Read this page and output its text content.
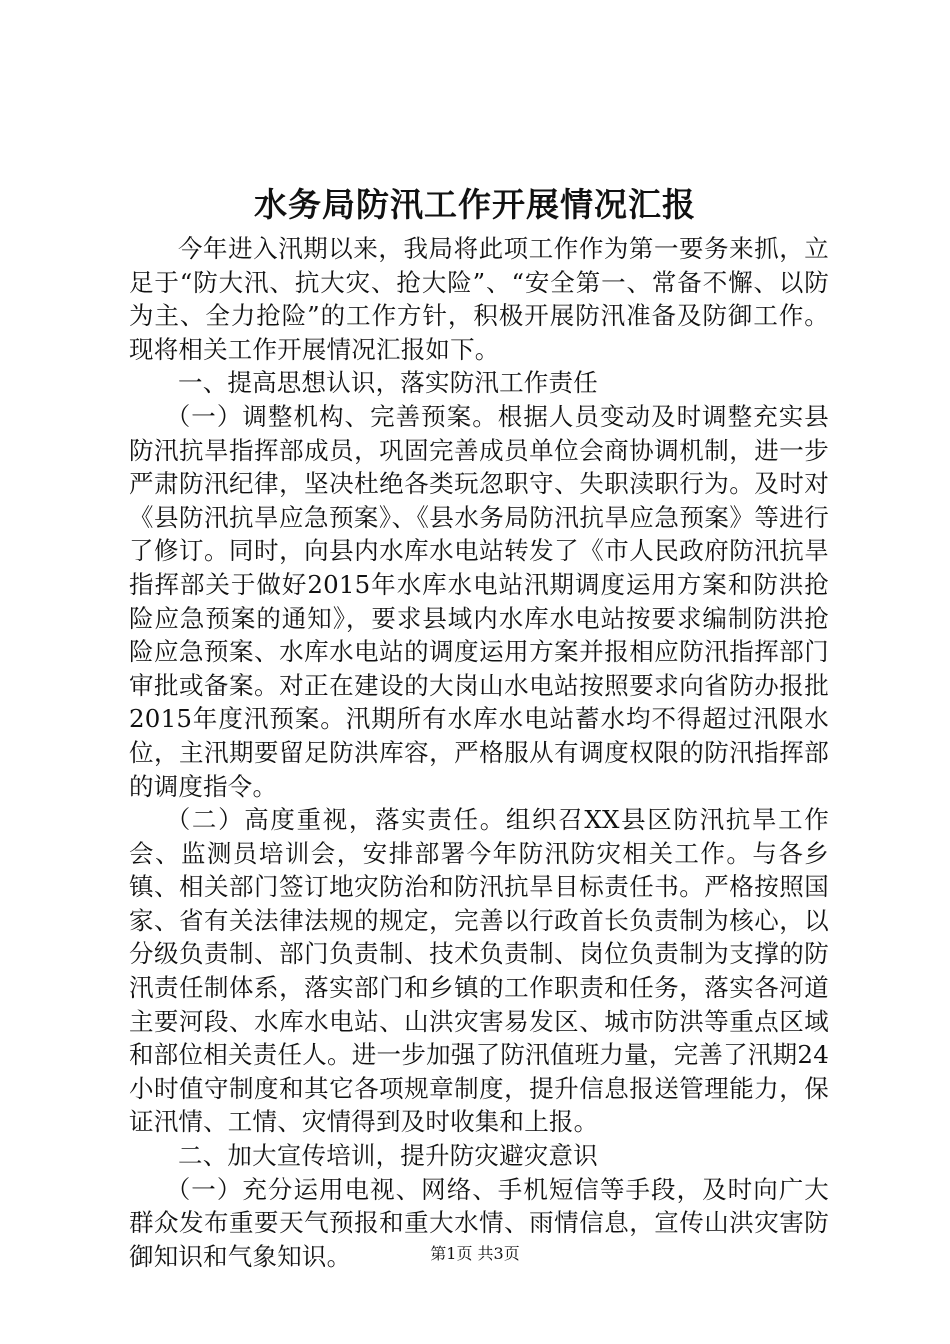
水务局防汛工作开展情况汇报

今年进入汛期以来，我局将此项工作作为第一要务来抓，立足于“防大汛、抗大灾、抢大险”、“安全第一、常备不懈、以防为主、全力抢险”的工作方针，积极开展防汛准备及防御工作。现将相关工作开展情况汇报如下。

一、提高思想认识，落实防汛工作责任

（一）调整机构、完善预案。根据人员变动及时调整充实县防汛抗旱指挥部成员，巩固完善成员单位会商协调机制，进一步严肃防汛纪律，坚决杜绝各类玩忽职守、失职渎职行为。及时对《县防汛抗旱应急预案》、《县水务局防汛抗旱应急预案》等进行了修订。同时，向县内水库水电站转发了《市人民政府防汛抗旱指挥部关于做好2015年水库水电站汛期调度运用方案和防洪抢险应急预案的通知》，要求县域内水库水电站按要求编制防洪抢险应急预案、水库水电站的调度运用方案并报相应防汛指挥部门审批或备案。对正在建设的大岗山水电站按照要求向省防办报批2015年度汛预案。汛期所有水库水电站蓄水均不得超过汛限水位，主汛期要留足防洪库容，严格服从有调度权限的防汛指挥部的调度指令。

（二）高度重视，落实责任。组织召XX县区防汛抗旱工作会、监测员培训会，安排部署今年防汛防灾相关工作。与各乡镇、相关部门签订地灾防治和防汛抗旱目标责任书。严格按照国家、省有关法律法规的规定，完善以行政首长负责制为核心，以分级负责制、部门负责制、技术负责制、岗位负责制为支撑的防汛责任制体系，落实部门和乡镇的工作职责和任务，落实各河道主要河段、水库水电站、山洪灾害易发区、城市防洪等重点区域和部位相关责任人。进一步加强了防汛值班力量，完善了汛期24小时值守制度和其它各项规章制度，提升信息报送管理能力，保证汛情、工情、灾情得到及时收集和上报。

二、加大宣传培训，提升防灾避灾意识

（一）充分运用电视、网络、手机短信等手段，及时向广大群众发布重要天气预报和重大水情、雨情信息，宣传山洪灾害防御知识和气象知识。	第1页 共3页
